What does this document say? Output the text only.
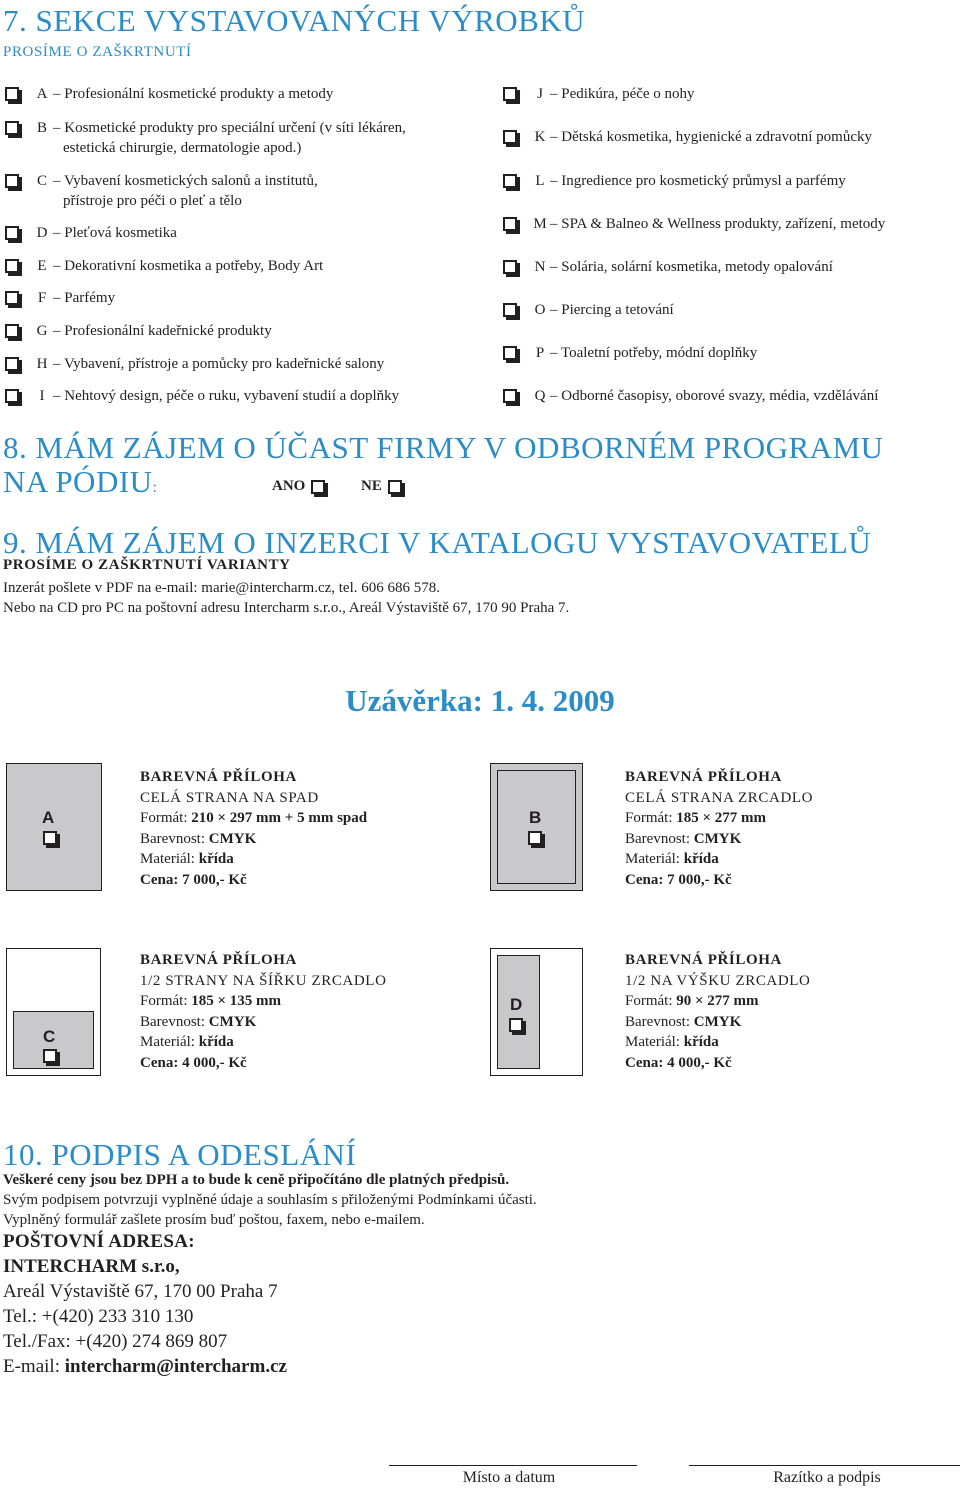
7. SEKCE VYSTAVOVANÝCH VÝROBKŮ
PROSÍME O ZAŠKRTNUTÍ
A – Profesionální kosmetické produkty a metody
B – Kosmetické produkty pro speciální určení (v síti lékáren,
estetická chirurgie, dermatologie apod.)
C – Vybavení kosmetických salonů a institutů,
přístroje pro péči o pleť a tělo
D – Pleťová kosmetika
E – Dekorativní kosmetika a potřeby, Body Art
F – Parfémy
G – Profesionální kadeřnické produkty
H – Vybavení, přístroje a pomůcky pro kadeřnické salony
I – Nehtový design, péče o ruku, vybavení studií a doplňky
J – Pedikúra, péče o nohy
K – Dětská kosmetika, hygienické a zdravotní pomůcky
L – Ingredience pro kosmetický průmysl a parfémy
M – SPA & Balneo & Wellness produkty, zařízení, metody
N – Solária, solární kosmetika, metody opalování
O – Piercing a tetování
P – Toaletní potřeby, módní doplňky
Q – Odborné časopisy, oborové svazy, média, vzdělávání
8. MÁM ZÁJEM O ÚČAST FIRMY V ODBORNÉM PROGRAMU
NA PÓDIU:	ANO	NE
9. MÁM ZÁJEM O INZERCI V KATALOGU VYSTAVOVATELŮ
PROSÍME O ZAŠKRTNUTÍ VARIANTY
Inzerát pošlete v PDF na e-mail: marie@intercharm.cz, tel. 606 686 578.
Nebo na CD pro PC na poštovní adresu Intercharm s.r.o., Areál Výstaviště 67, 170 90 Praha 7.
Uzávěrka: 1. 4. 2009
A
BAREVNÁ PŘÍLOHA
CELÁ STRANA NA SPAD
Formát: 210 × 297 mm + 5 mm spad
Barevnost: CMYK
Materiál: křída
Cena: 7 000,- Kč
B
BAREVNÁ PŘÍLOHA
CELÁ STRANA ZRCADLO
Formát: 185 × 277 mm
Barevnost: CMYK
Materiál: křída
Cena: 7 000,- Kč
C
BAREVNÁ PŘÍLOHA
1/2 STRANY NA ŠÍŘKU ZRCADLO
Formát: 185 × 135 mm
Barevnost: CMYK
Materiál: křída
Cena: 4 000,- Kč
D
BAREVNÁ PŘÍLOHA
1/2 NA VÝŠKU ZRCADLO
Formát: 90 × 277 mm
Barevnost: CMYK
Materiál: křída
Cena: 4 000,- Kč
10. PODPIS A ODESLÁNÍ
Veškeré ceny jsou bez DPH a to bude k ceně připočítáno dle platných předpisů.
Svým podpisem potvrzuji vyplněné údaje a souhlasím s přiloženými Podmínkami účasti.
Vyplněný formulář zašlete prosím buď poštou, faxem, nebo e-mailem.
POŠTOVNÍ ADRESA:
INTERCHARM s.r.o,
Areál Výstaviště 67, 170 00 Praha 7
Tel.: +(420) 233 310 130
Tel./Fax: +(420) 274 869 807
E-mail: intercharm@intercharm.cz
Místo a datum	Razítko a podpis
